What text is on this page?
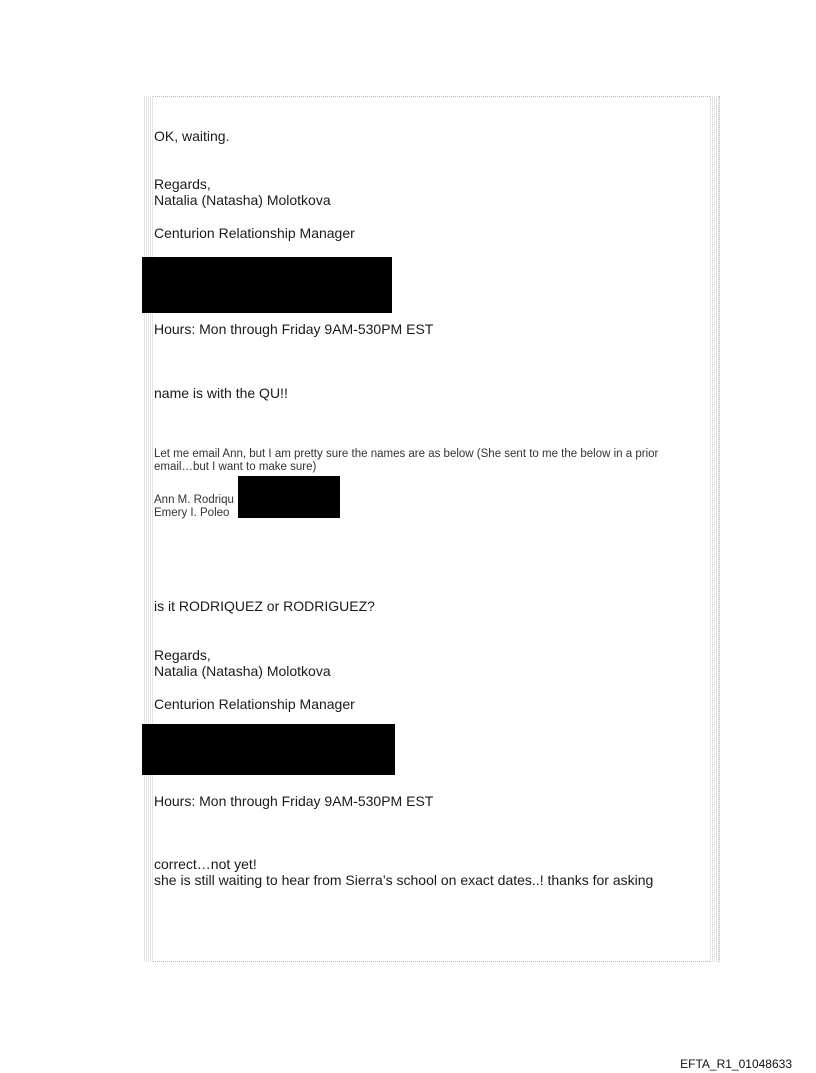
OK, waiting.
Regards,
Natalia (Natasha) Molotkova
Centurion Relationship Manager
Hours: Mon through Friday 9AM-530PM EST
name is with the QU!!
Let me email Ann, but I am pretty sure the names are as below (She sent to me the below in a prior
email…but I want to make sure)
Ann M. Rodriqu
Emery I. Poleo
is it RODRIQUEZ or RODRIGUEZ?
Regards,
Natalia (Natasha) Molotkova
Centurion Relationship Manager
Hours: Mon through Friday 9AM-530PM EST
correct…not yet!
she is still waiting to hear from Sierra’s school on exact dates..! thanks for asking
EFTA_R1_01048633
